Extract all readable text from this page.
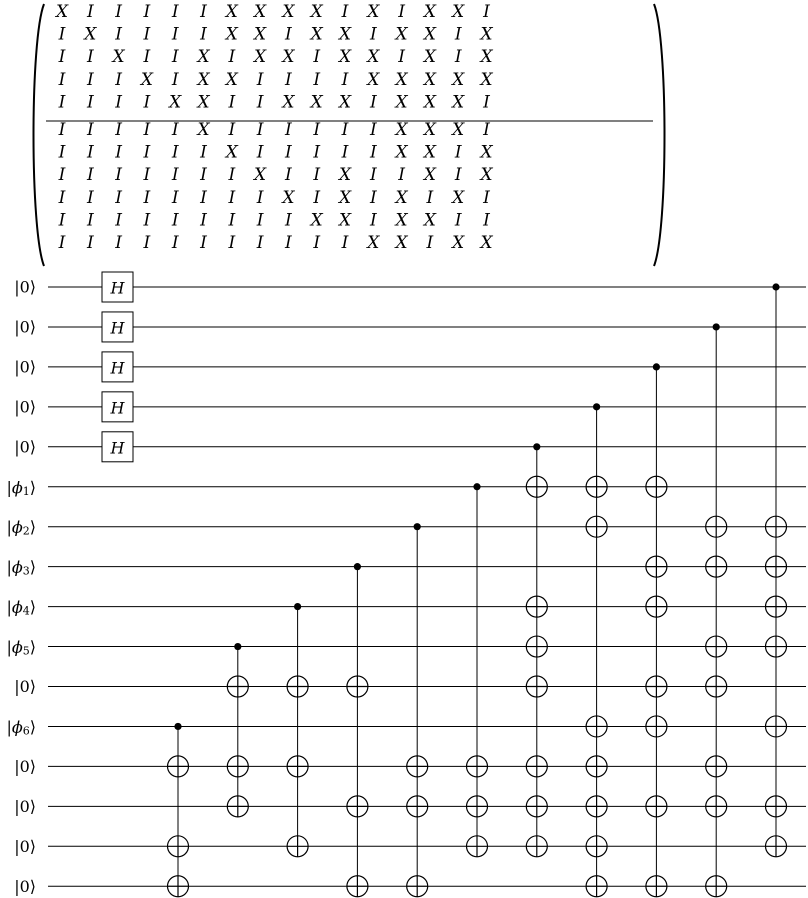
X I I I I I X X X X I X I X X I
I X I I I I X X I X X I X X I X
I I X I I X I X X I X X I X I X
I I I X I X X I I I I X X X X X
I I I I X X I I X X X I X X X I
I I I I I X I I I I I I X X X I
I I I I I I X I I I I I X X I X
I I I I I I I X I I X I I X I X
I I I I I I I I X I X I X I X I
I I I I I I I I I X X I X X I I
I I I I I I I I I I I X X I X X
|0⟩
|0⟩
|0⟩
|0⟩
|0⟩
$|\phi_1⟩$
$|\phi_2⟩$
$|\phi_3⟩$
$|\phi_4⟩$
$|\phi_5⟩$
|0⟩
$|\phi_6⟩$
|0⟩
|0⟩
|0⟩
|0⟩
H
H
H
H
H
